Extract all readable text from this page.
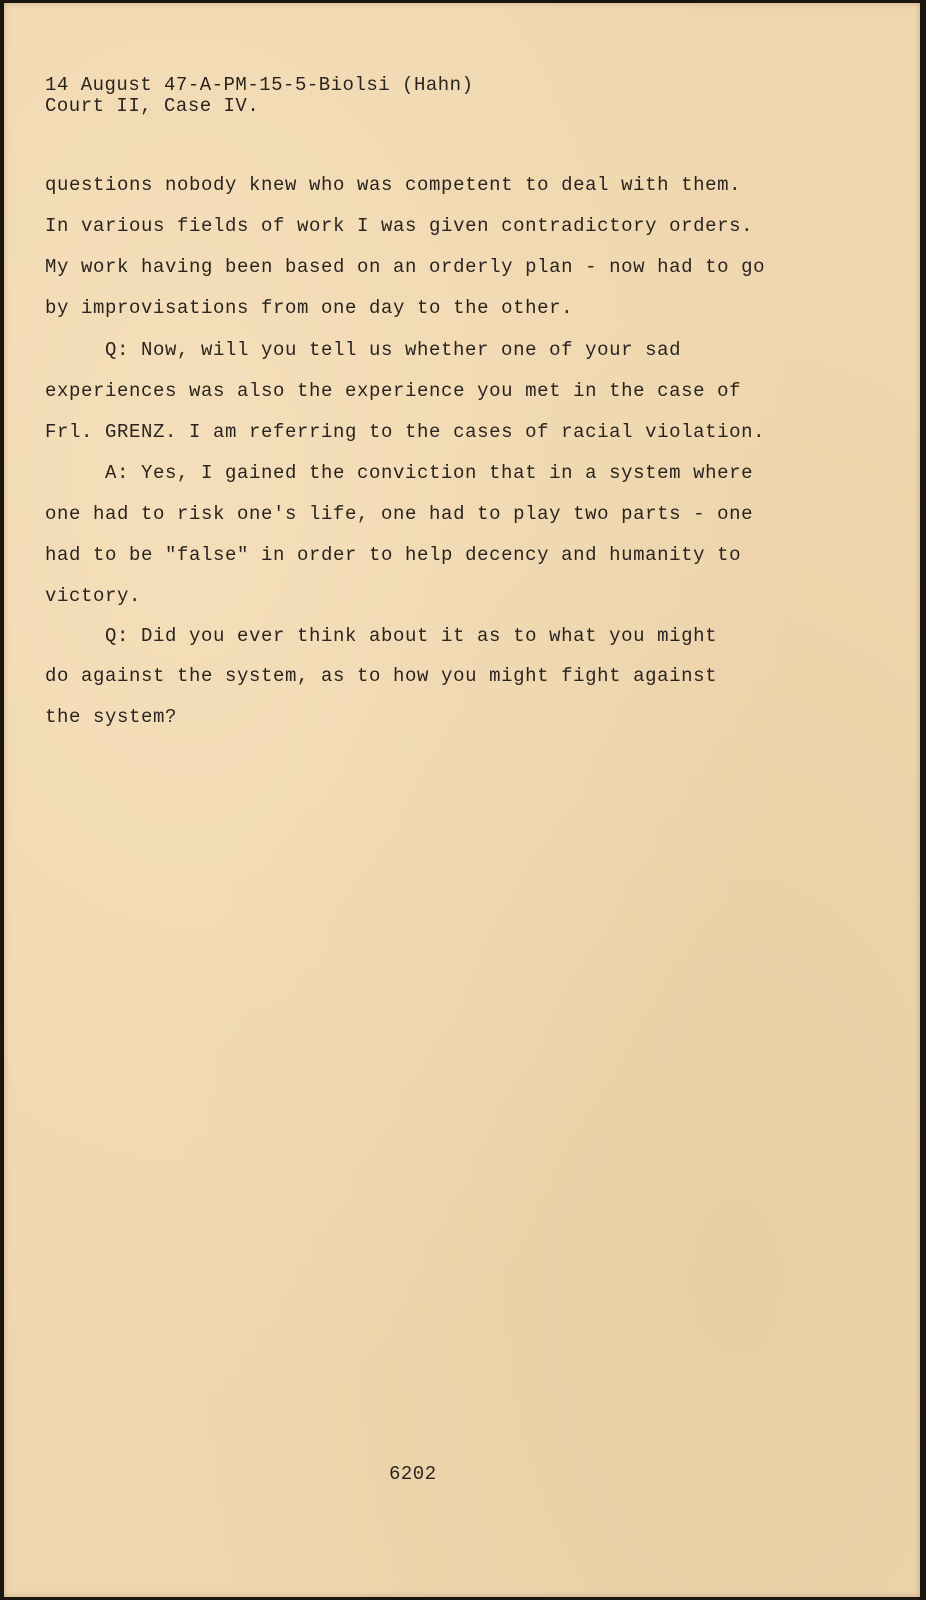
14 August 47-A-PM-15-5-Biolsi (Hahn)
Court II, Case IV.
questions nobody knew who was competent to deal with them.
In various fields of work I was given contradictory orders.
My work having been based on an orderly plan - now had to go
by improvisations from one day to the other.
Q: Now, will you tell us whether one of your sad
experiences was also the experience you met in the case of
Frl. GRENZ. I am referring to the cases of racial violation.
A: Yes, I gained the conviction that in a system where
one had to risk one's life, one had to play two parts - one
had to be "false" in order to help decency and humanity to
victory.
Q: Did you ever think about it as to what you might
do against the system, as to how you might fight against
the system?
6202
